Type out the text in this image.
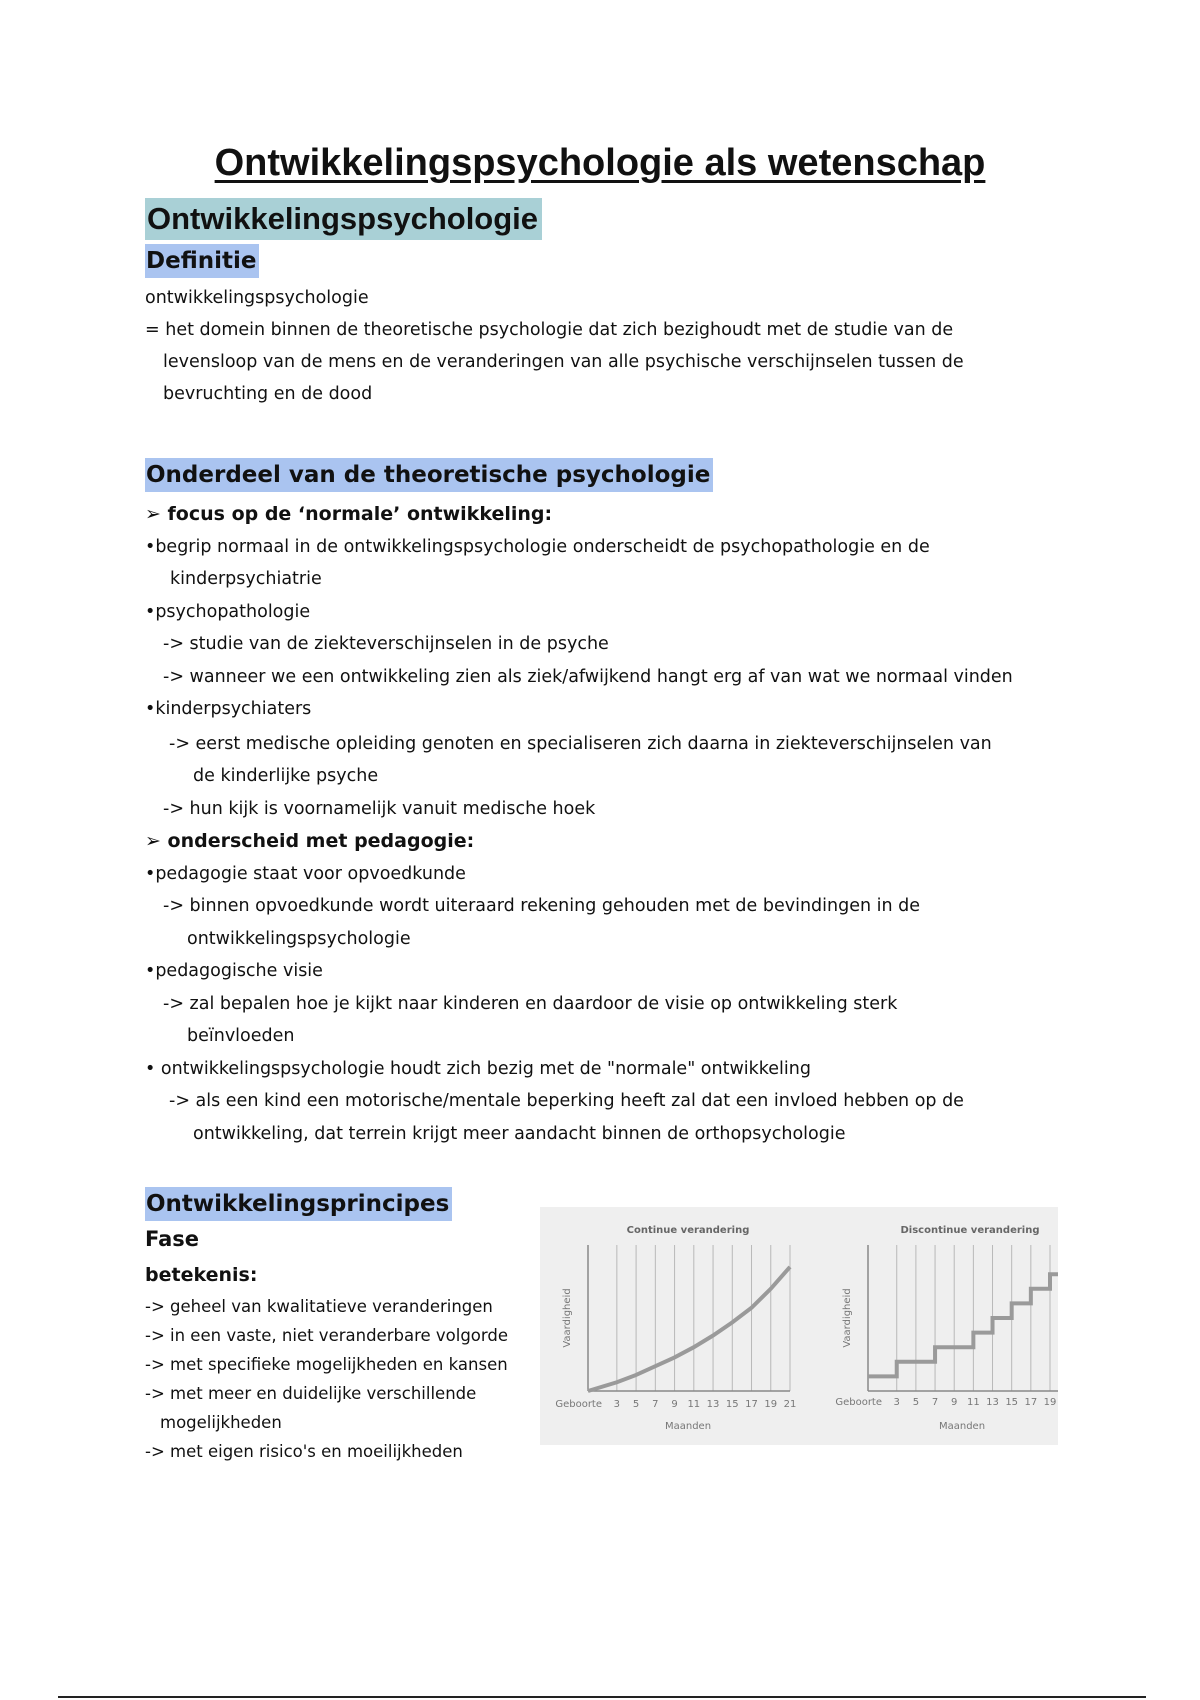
Ontwikkelingspsychologie als wetenschap
Ontwikkelingspsychologie
Definitie

ontwikkelingspsychologie

= het domein binnen de theoretische psychologie dat zich bezighoudt met de studie van de

levensloop van de mens en de veranderingen van alle psychische verschijnselen tussen de

bevruchting en de dood

Onderdeel van de theoretische psychologie

➢ focus op de ‘normale’ ontwikkeling:

•begrip normaal in de ontwikkelingspsychologie onderscheidt de psychopathologie en de

kinderpsychiatrie

•psychopathologie

-> studie van de ziekteverschijnselen in de psyche

-> wanneer we een ontwikkeling zien als ziek/afwijkend hangt erg af van wat we normaal vinden

•kinderpsychiaters

-> eerst medische opleiding genoten en specialiseren zich daarna in ziekteverschijnselen van

de kinderlijke psyche

-> hun kijk is voornamelijk vanuit medische hoek

➢ onderscheid met pedagogie:

•pedagogie staat voor opvoedkunde

-> binnen opvoedkunde wordt uiteraard rekening gehouden met de bevindingen in de

ontwikkelingspsychologie

•pedagogische visie

-> zal bepalen hoe je kijkt naar kinderen en daardoor de visie op ontwikkeling sterk

beïnvloeden

• ontwikkelingspsychologie houdt zich bezig met de "normale" ontwikkeling

-> als een kind een motorische/mentale beperking heeft zal dat een invloed hebben op de

ontwikkeling, dat terrein krijgt meer aandacht binnen de orthopsychologie

Ontwikkelingsprincipes

Fase

betekenis:

-> geheel van kwalitatieve veranderingen

-> in een vaste, niet veranderbare volgorde

-> met specifieke mogelijkheden en kansen

-> met meer en duidelijke verschillende

mogelijkheden

-> met eigen risico's en moeilijkheden

Continue verandering
Vaardigheid
Geboorte 3 5 7 9 11 13 15 17 19 21
Maanden
Discontinue verandering
Vaardigheid
Geboorte 3 5 7 9 11 13 15 17 19
Maanden
